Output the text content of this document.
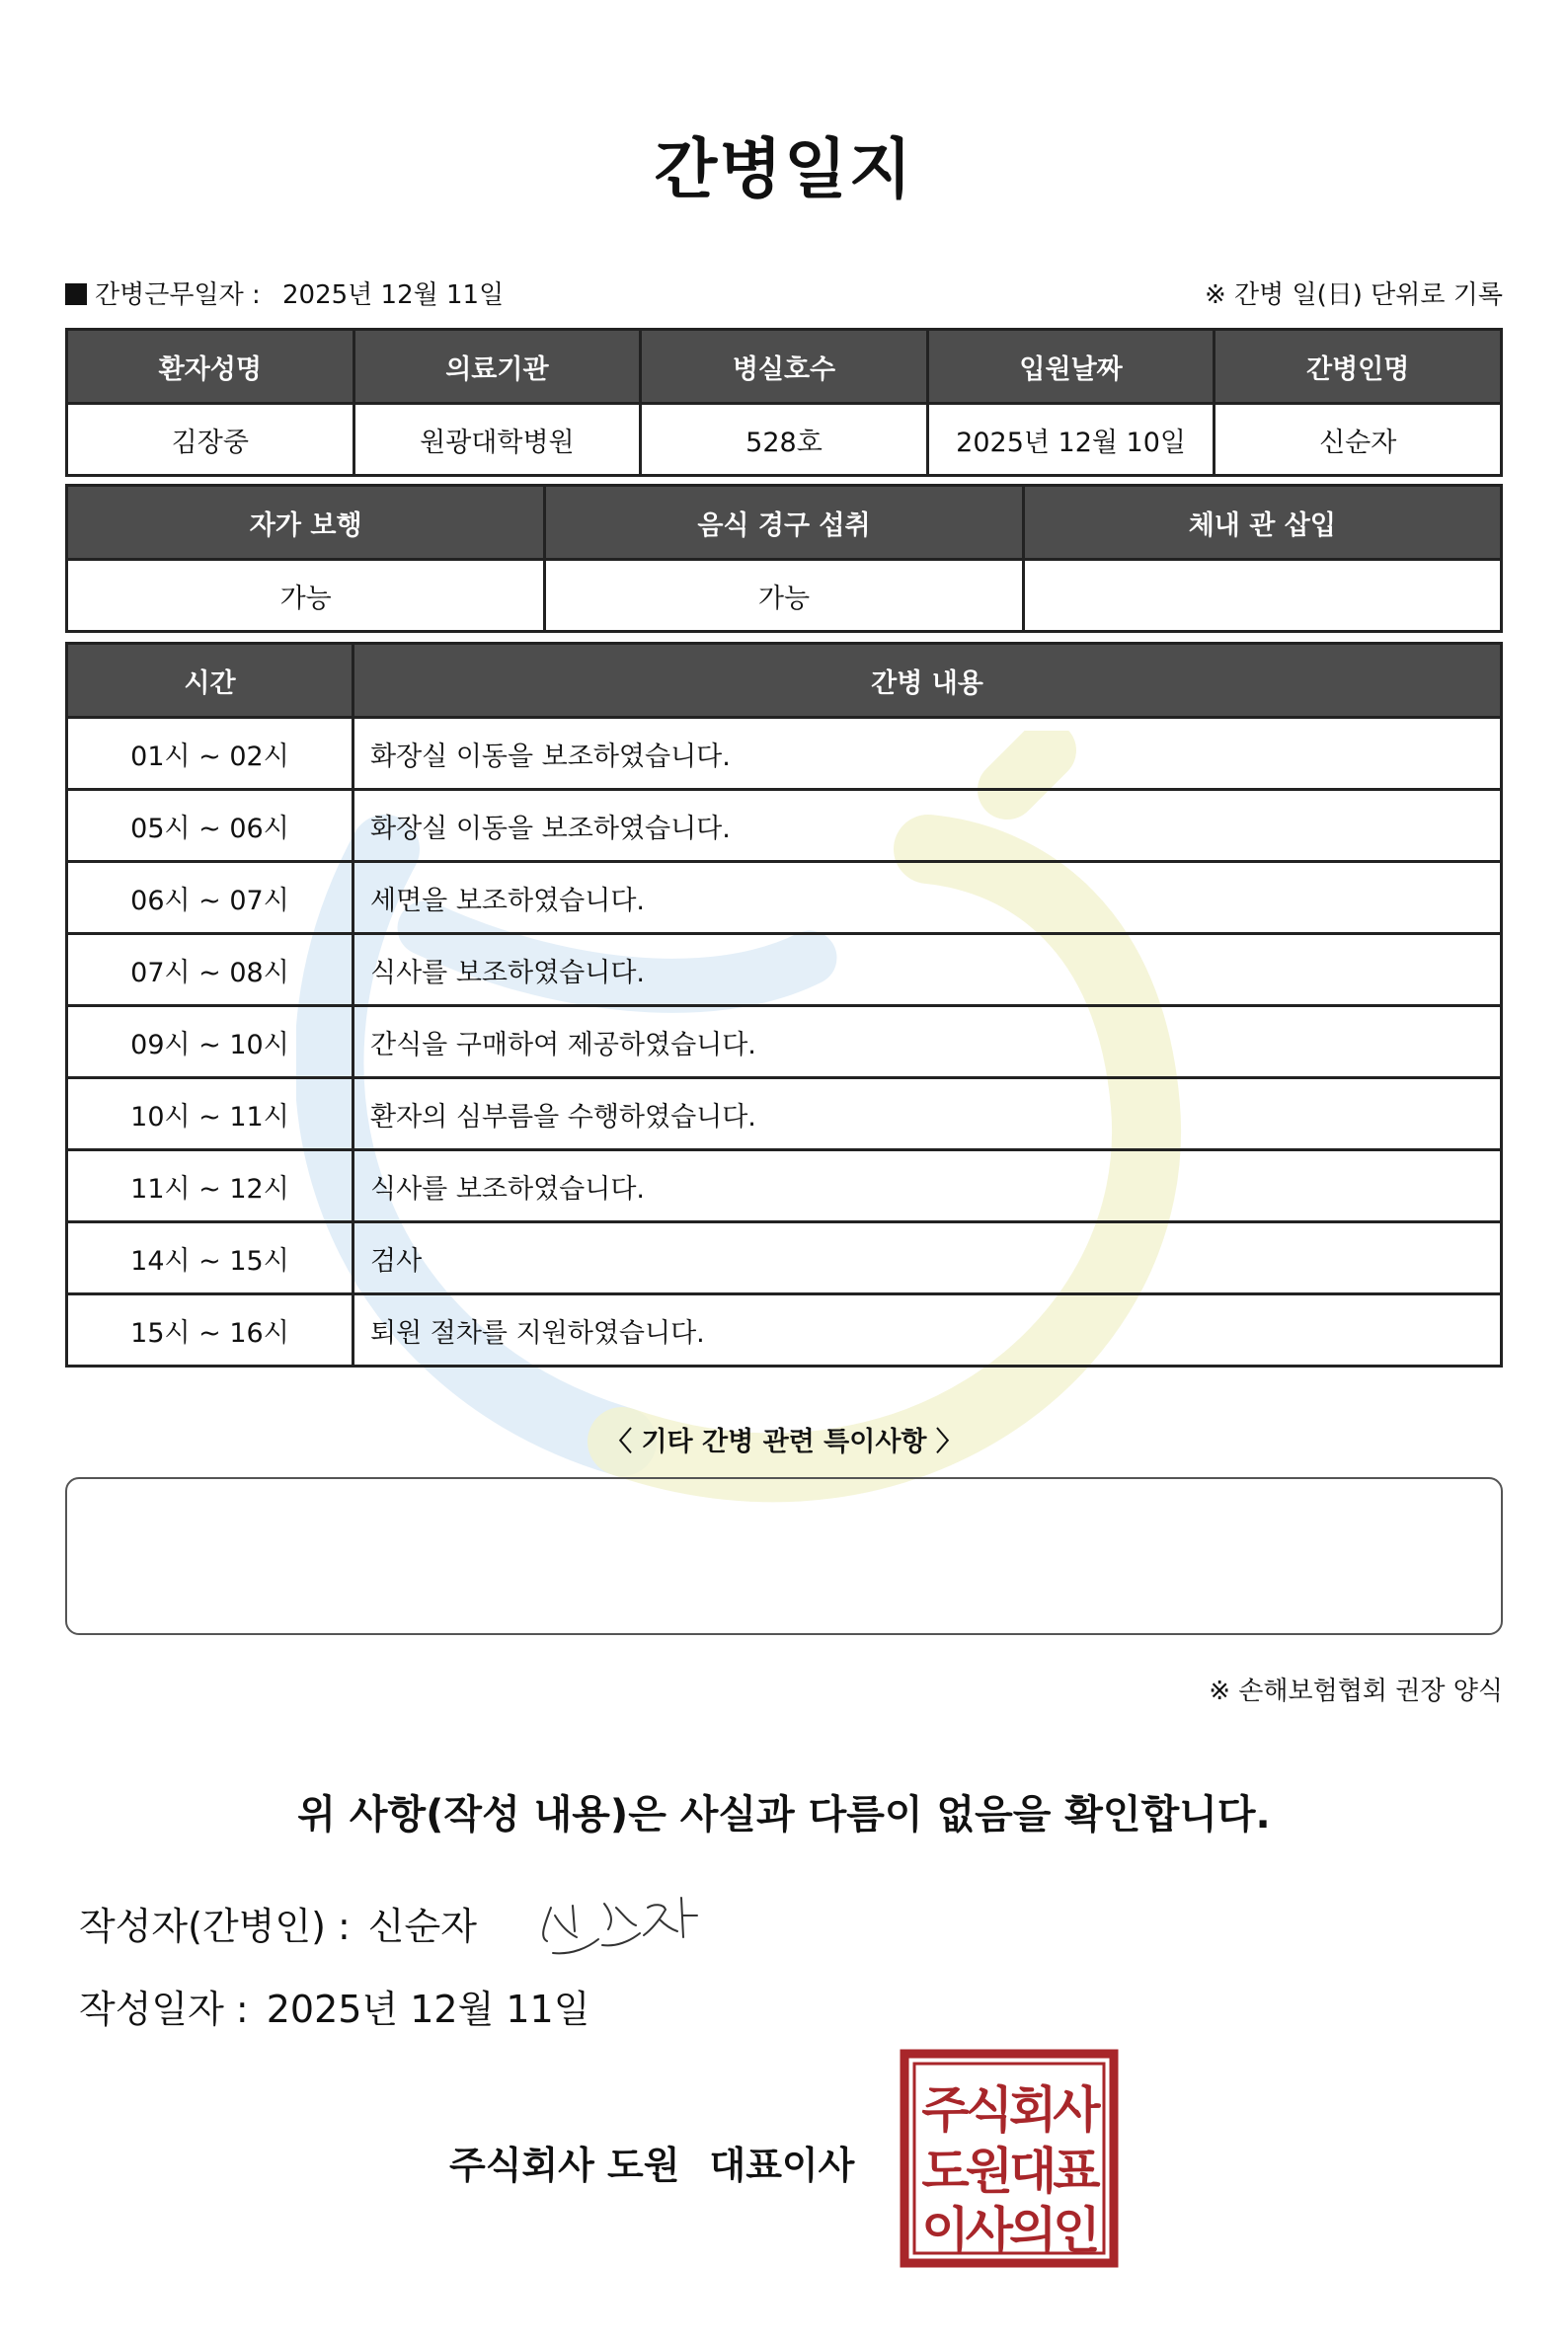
간병일지
간병근무일자 : 2025년 12월 11일	※ 간병 일(日) 단위로 기록
환자성명	의료기관	병실호수	입원날짜	간병인명
김장중	원광대학병원	528호	2025년 12월 10일	신순자
자가 보행	음식 경구 섭취	체내 관 삽입
가능	가능	
시간	간병 내용
01시 ~ 02시	화장실 이동을 보조하였습니다.
05시 ~ 06시	화장실 이동을 보조하였습니다.
06시 ~ 07시	세면을 보조하였습니다.
07시 ~ 08시	식사를 보조하였습니다.
09시 ~ 10시	간식을 구매하여 제공하였습니다.
10시 ~ 11시	환자의 심부름을 수행하였습니다.
11시 ~ 12시	식사를 보조하였습니다.
14시 ~ 15시	검사
15시 ~ 16시	퇴원 절차를 지원하였습니다.
〈 기타 간병 관련 특이사항 〉
※ 손해보험협회 권장 양식
위 사항(작성 내용)은 사실과 다름이 없음을 확인합니다.
작성자(간병인) : 신순자
작성일자 : 2025년 12월 11일
주식회사 도원 대표이사
주식회사
도원대표
이사의인
